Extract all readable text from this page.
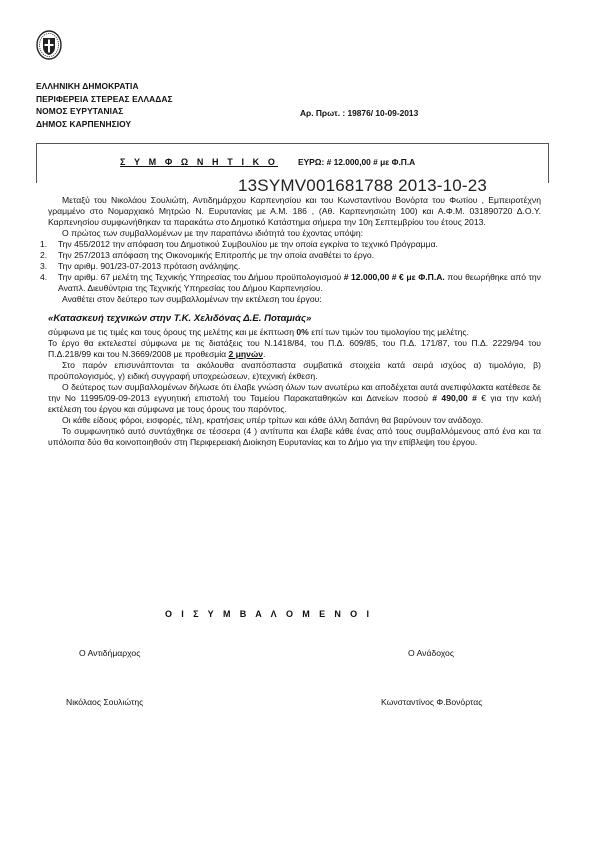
ΕΛΛΗΝΙΚΗ ΔΗΜΟΚΡΑΤΙΑ
ΠΕΡΙΦΕΡΕΙΑ ΣΤΕΡΕΑΣ ΕΛΛΑΔΑΣ
ΝΟΜΟΣ ΕΥΡΥΤΑΝΙΑΣ
ΔΗΜΟΣ ΚΑΡΠΕΝΗΣΙΟΥ
Αρ. Πρωτ. : 19876/ 10-09-2013
Σ Υ Μ Φ Ω Ν Η Τ Ι Κ Ο ΕΥΡΩ: # 12.000,00 # με Φ.Π.Α
13SYMV001681788 2013-10-23

Μεταξύ του Νικολάου Σουλιώτη, Αντιδημάρχου Καρπενησίου και του Κωνσταντίνου Βονόρτα του Φωτίου , Εμπειροτέχνη γραμμένο στο Νομαρχιακό Μητρώο Ν. Ευρυτανίας με Α.Μ. 186 , (Αθ. Καρπενησιώτη 100) και Α.Φ.Μ. 031890720 Δ.Ο.Υ. Καρπενησίου συμφωνήθηκαν τα παρακάτω στο Δημοτικό Κατάστημα σήμερα την 10η Σεπτεμβρίου του έτους 2013.

Ο πρώτος των συμβαλλομένων με την παραπάνω ιδιότητά του έχοντας υπόψη:

1.	Την 455/2012 την απόφαση του Δημοτικού Συμβουλίου με την οποία εγκρίνα το τεχνικό Πρόγραμμα.
2.	Την 257/2013 απόφαση της Οικονομικής Επιτροπής με την οποία αναθέτει το έργο.
3.	Την αριθμ. 901/23-07-2013 πρόταση ανάληψης.
4.	Την αριθμ. 67 μελέτη της Τεχνικής Υπηρεσίας του Δήμου προϋπολογισμού # 12.000,00 # € με Φ.Π.Α. που θεωρήθηκε από την Αναπλ. Διευθύντρια της Τεχνικής Υπηρεσίας του Δήμου Καρπενησίου.

Αναθέτει στον δεύτερο των συμβαλλομένων την εκτέλεση του έργου:

«Κατασκευή τεχνικών στην Τ.Κ. Χελιδόνας Δ.Ε. Ποταμιάς»

σύμφωνα με τις τιμές και τους όρους της μελέτης και με έκπτωση 0% επί των τιμών του τιμολογίου της μελέτης.

Το έργο θα εκτελεστεί σύμφωνα με τις διατάξεις του Ν.1418/84, του Π.Δ. 609/85, του Π.Δ. 171/87, του Π.Δ. 2229/94 του Π.Δ.218/99 και του Ν.3669/2008 με προθεσμία 2 μηνών.

Στο παρόν επισυνάπτονται τα ακόλουθα αναπόσπαστα συμβατικά στοιχεία κατά σειρά ισχύος α) τιμολόγιο, β) προϋπολογισμός, γ) ειδική συγγραφή υποχρεώσεων, ε)τεχνική έκθεση.

Ο δεύτερος των συμβαλλομένων δήλωσε ότι έλαβε γνώση όλων των ανωτέρω και αποδέχεται αυτά ανεπιφύλακτα κατέθεσε δε την Νο 11995/09-09-2013 εγγυητική επιστολή του Ταμείου Παρακαταθηκών και Δανείων ποσού # 490,00 # € για την καλή εκτέλεση του έργου και σύμφωνα με τους όρους του παρόντος.

Οι κάθε είδους φόροι, εισφορές, τέλη, κρατήσεις υπέρ τρίτων και κάθε άλλη δαπάνη θα βαρύνουν τον ανάδοχο.

Το συμφωνητικό αυτό συντάχθηκε σε τέσσερα (4 ) αντίτυπα και έλαβε κάθε ένας από τους συμβαλλόμενους από ένα και τα υπόλοιπα δύο θα κοινοποιηθούν στη Περιφερειακή Διοίκηση Ευρυτανίας και το Δήμο για την επίβλεψη του έργου.

Ο Ι Σ Υ Μ Β Α Λ Ο Μ Ε Ν Ο Ι
Ο Αντιδήμαρχος	Ο Ανάδοχος
Νικόλαος Σουλιώτης	Κωνσταντίνος Φ.Βονόρτας
